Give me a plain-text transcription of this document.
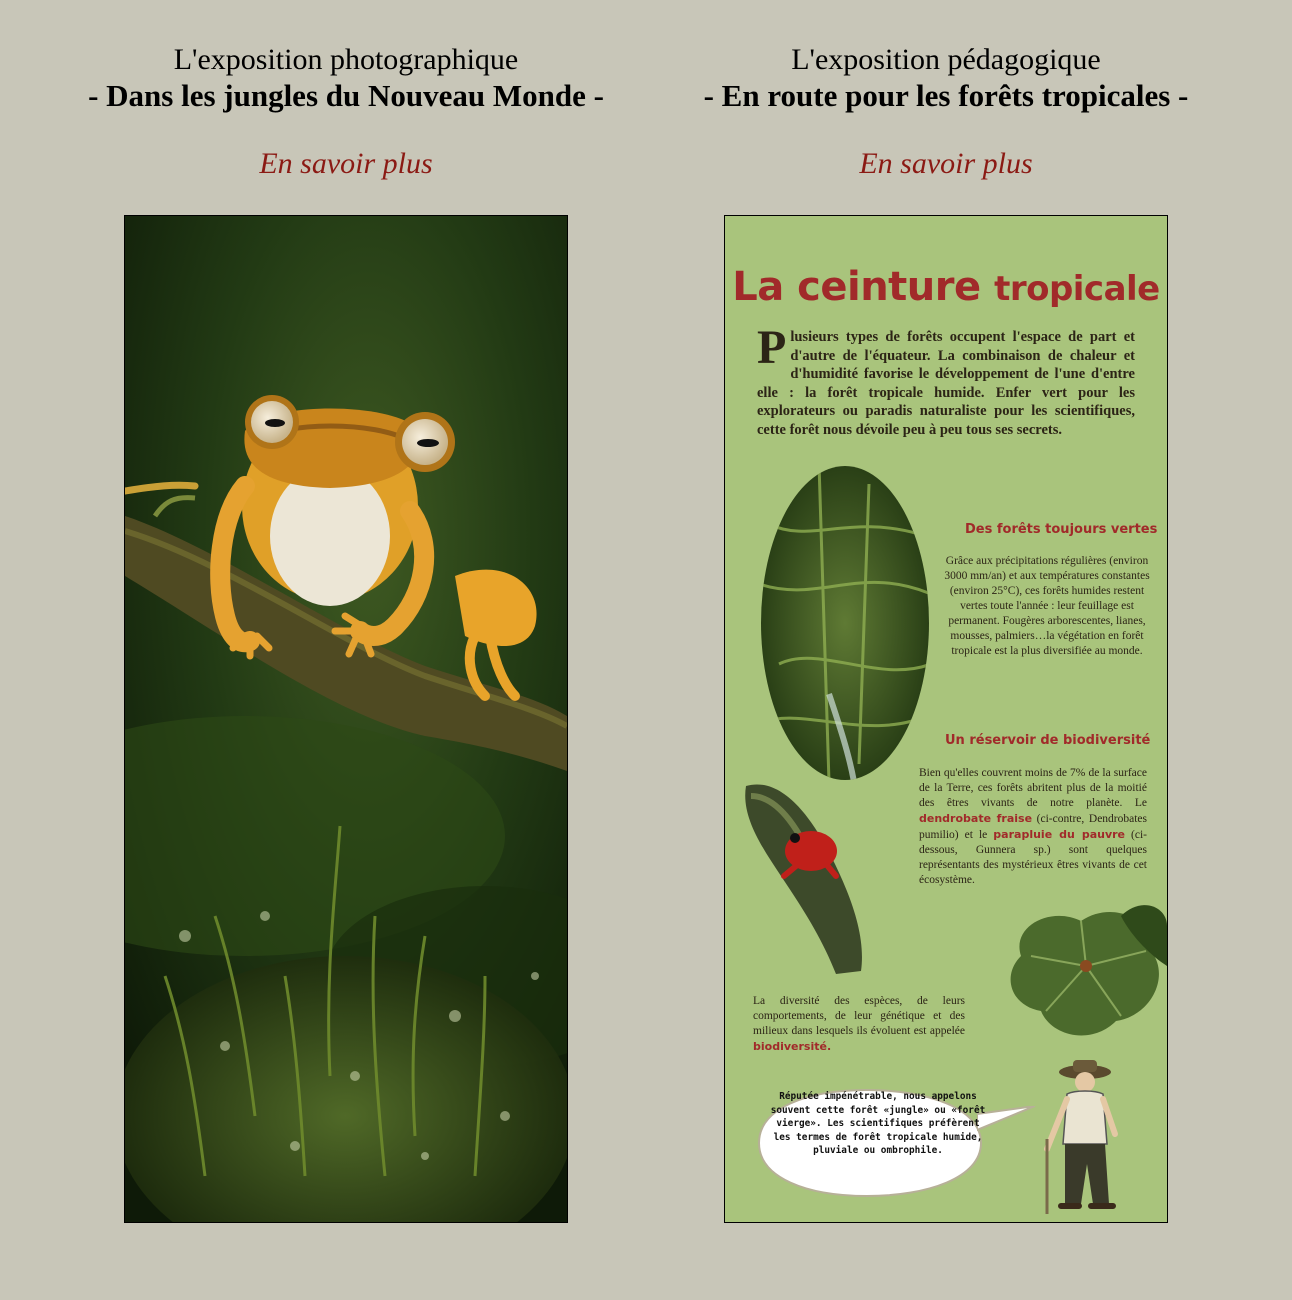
L'exposition photographique
- Dans les jungles du Nouveau Monde -
En savoir plus
L'exposition pédagogique
- En route pour les forêts tropicales -
En savoir plus
La ceinture tropicale
Plusieurs types de forêts occupent l'espace de part et d'autre de l'équateur. La combinaison de chaleur et d'humidité favorise le développement de l'une d'entre elle : la forêt tropicale humide. Enfer vert pour les explorateurs ou paradis naturaliste pour les scientifiques, cette forêt nous dévoile peu à peu tous ses secrets.
Des forêts toujours vertes
Grâce aux précipitations régulières (environ 3000 mm/an) et aux températures constantes (environ 25°C), ces forêts humides restent vertes toute l'année : leur feuillage est permanent. Fougères arborescentes, lianes, mousses, palmiers…la végétation en forêt tropicale est la plus diversifiée au monde.
Un réservoir de biodiversité
Bien qu'elles couvrent moins de 7% de la surface de la Terre, ces forêts abritent plus de la moitié des êtres vivants de notre planète. Le dendrobate fraise (ci-contre, Dendrobates pumilio) et le parapluie du pauvre (ci-dessous, Gunnera sp.) sont quelques représentants des mystérieux êtres vivants de cet écosystème.
La diversité des espèces, de leurs comportements, de leur génétique et des milieux dans lesquels ils évoluent est appelée biodiversité.
Réputée impénétrable, nous appelons souvent cette forêt «jungle» ou «forêt vierge». Les scientifiques préfèrent les termes de forêt tropicale humide, pluviale ou ombrophile.
